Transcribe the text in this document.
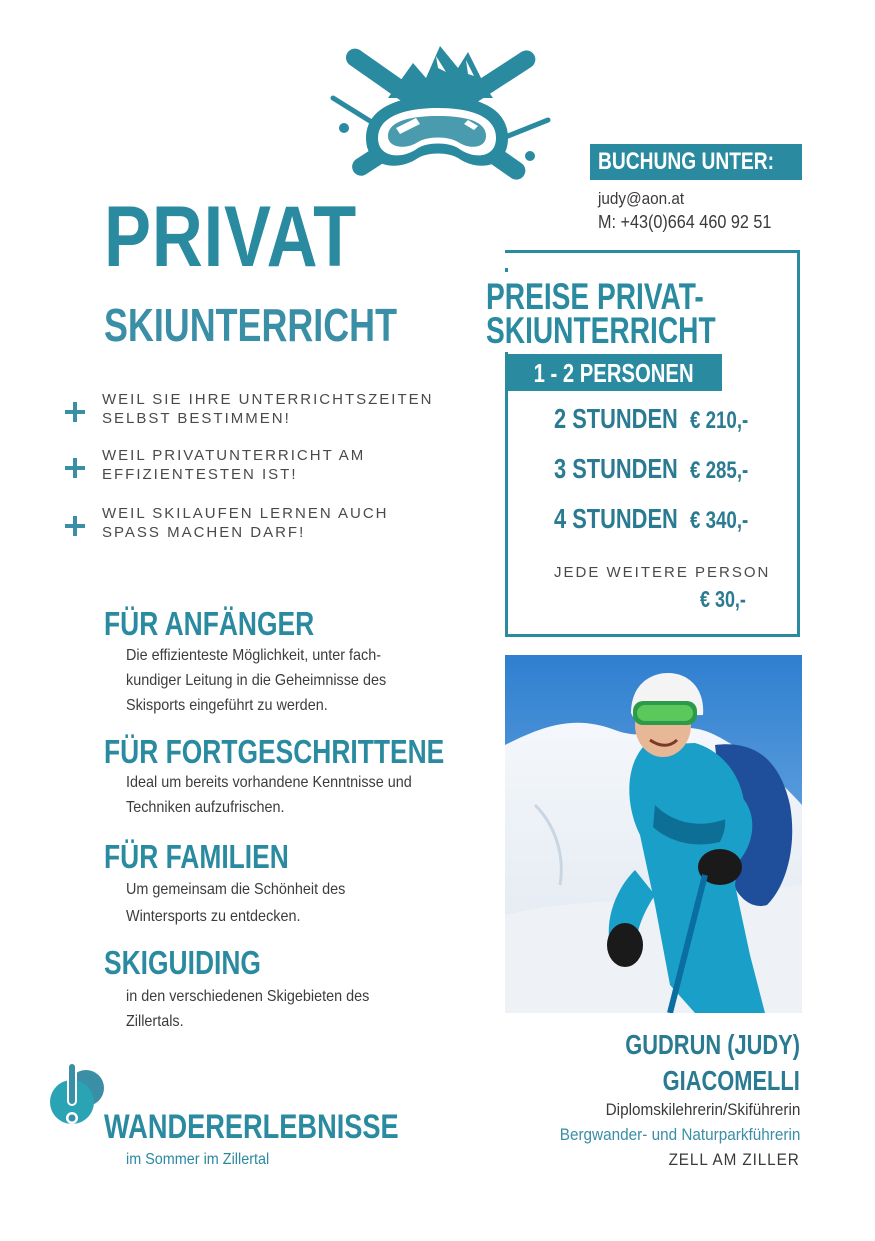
PRIVAT
SKIUNTERRICHT
WEIL SIE IHRE UNTERRICHTSZEITEN SELBST BESTIMMEN!
WEIL PRIVATUNTERRICHT AM EFFIZIENTESTEN IST!
WEIL SKILAUFEN LERNEN AUCH SPASS MACHEN DARF!
FÜR ANFÄNGER
Die effizienteste Möglichkeit, unter fach-kundiger Leitung in die Geheimnisse des Skisports eingeführt zu werden.
FÜR FORTGESCHRITTENE
Ideal um bereits vorhandene Kenntnisse und Techniken aufzufrischen.
FÜR FAMILIEN
Um gemeinsam die Schönheit des Wintersports zu entdecken.
SKIGUIDING
in den verschiedenen Skigebieten des Zillertals.
WANDERERLEBNISSE
im Sommer im Zillertal
BUCHUNG UNTER:
judy@aon.at
M: +43(0)664 460 92 51
PREISE PRIVAT-
SKIUNTERRICHT
1 - 2 PERSONEN
2 STUNDEN € 210,-
3 STUNDEN € 285,-
4 STUNDEN € 340,-
JEDE WEITERE PERSON
€ 30,-
GUDRUN (JUDY)
GIACOMELLI
Diplomskilehrerin/Skiführerin
Bergwander- und Naturparkführerin
ZELL AM ZILLER
